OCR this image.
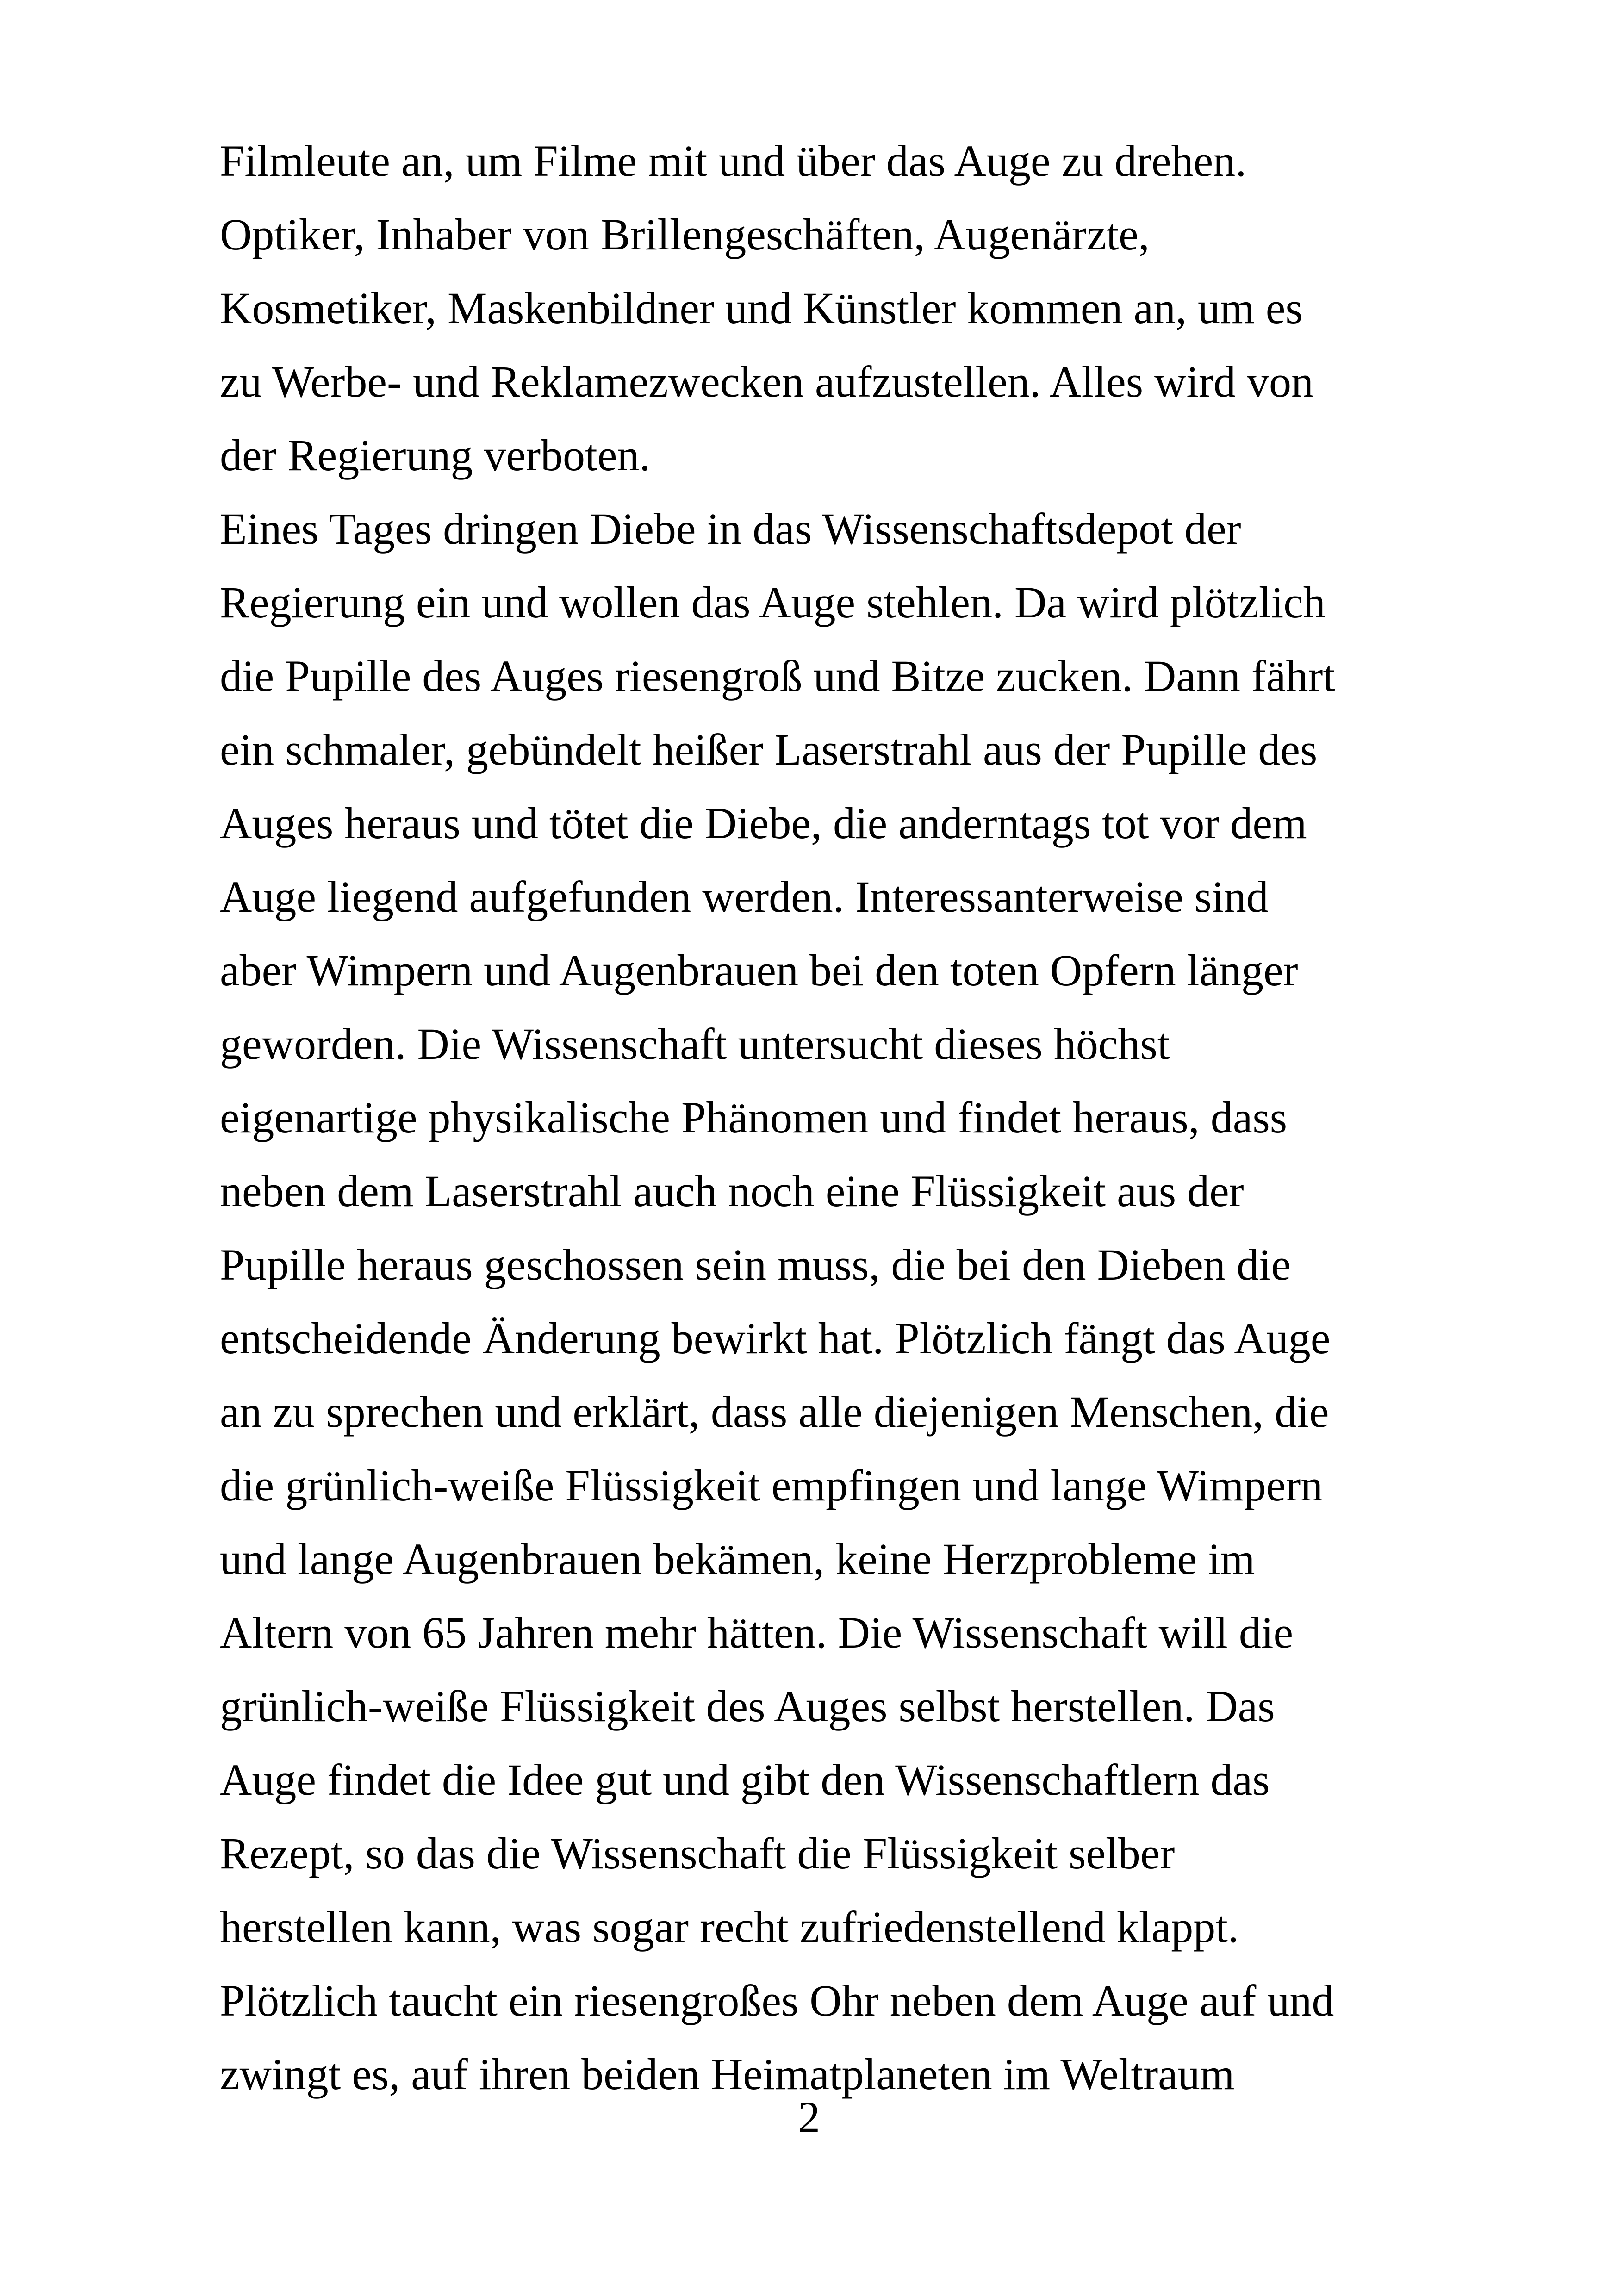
Filmleute an, um Filme mit und über das Auge zu drehen.
Optiker, Inhaber von Brillengeschäften, Augenärzte,
Kosmetiker, Maskenbildner und Künstler kommen an, um es
zu Werbe- und Reklamezwecken aufzustellen. Alles wird von
der Regierung verboten.
Eines Tages dringen Diebe in das Wissenschaftsdepot der
Regierung ein und wollen das Auge stehlen. Da wird plötzlich
die Pupille des Auges riesengroß und Bitze zucken. Dann fährt
ein schmaler, gebündelt heißer Laserstrahl aus der Pupille des
Auges heraus und tötet die Diebe, die anderntags tot vor dem
Auge liegend aufgefunden werden. Interessanterweise sind
aber Wimpern und Augenbrauen bei den toten Opfern länger
geworden. Die Wissenschaft untersucht dieses höchst
eigenartige physikalische Phänomen und findet heraus, dass
neben dem Laserstrahl auch noch eine Flüssigkeit aus der
Pupille heraus geschossen sein muss, die bei den Dieben die
entscheidende Änderung bewirkt hat. Plötzlich fängt das Auge
an zu sprechen und erklärt, dass alle diejenigen Menschen, die
die grünlich-weiße Flüssigkeit empfingen und lange Wimpern
und lange Augenbrauen bekämen, keine Herzprobleme im
Altern von 65 Jahren mehr hätten. Die Wissenschaft will die
grünlich-weiße Flüssigkeit des Auges selbst herstellen. Das
Auge findet die Idee gut und gibt den Wissenschaftlern das
Rezept, so das die Wissenschaft die Flüssigkeit selber
herstellen kann, was sogar recht zufriedenstellend klappt.
Plötzlich taucht ein riesengroßes Ohr neben dem Auge auf und
zwingt es, auf ihren beiden Heimatplaneten im Weltraum
2
